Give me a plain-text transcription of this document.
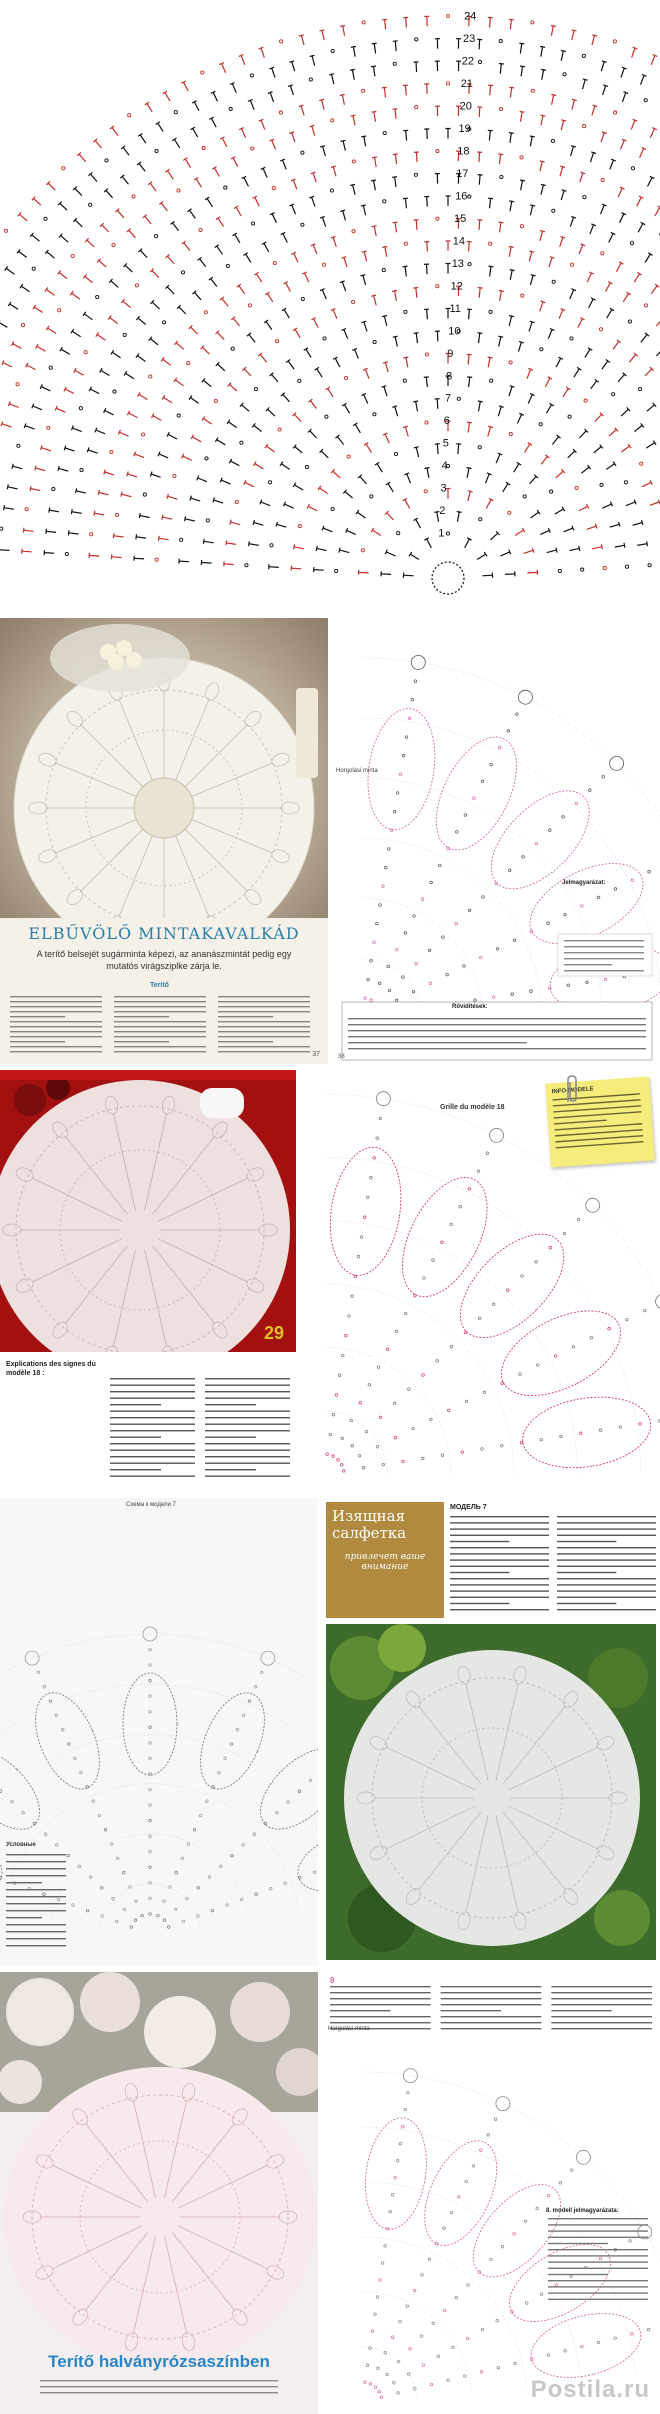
1
2
3
4
5
6
7
8
9
10
11
12
13
14
15
16
17
18
19
20
21
22
23
24
ELBŰVÖLŐ MINTAKAVALKÁD
A terítő belsejét sugárminta képezi, az ananászmintát pedig egy mutatós virágsziplke zárja le.
Terítő
37
Horgolási minta
Jelmagyarázat:
Rövidítések:
38
29
Explications des signes du modèle 18 :
Grille du modèle 18
INFO-MODELE
Схема к модели 7
Условные
Изящная салфетка
привлечет ваше внимание
МОДЕЛЬ 7
Terítő halványrózsaszínben
8
Horgolási minta
8. modell jelmagyarázata:
Postila.ru
